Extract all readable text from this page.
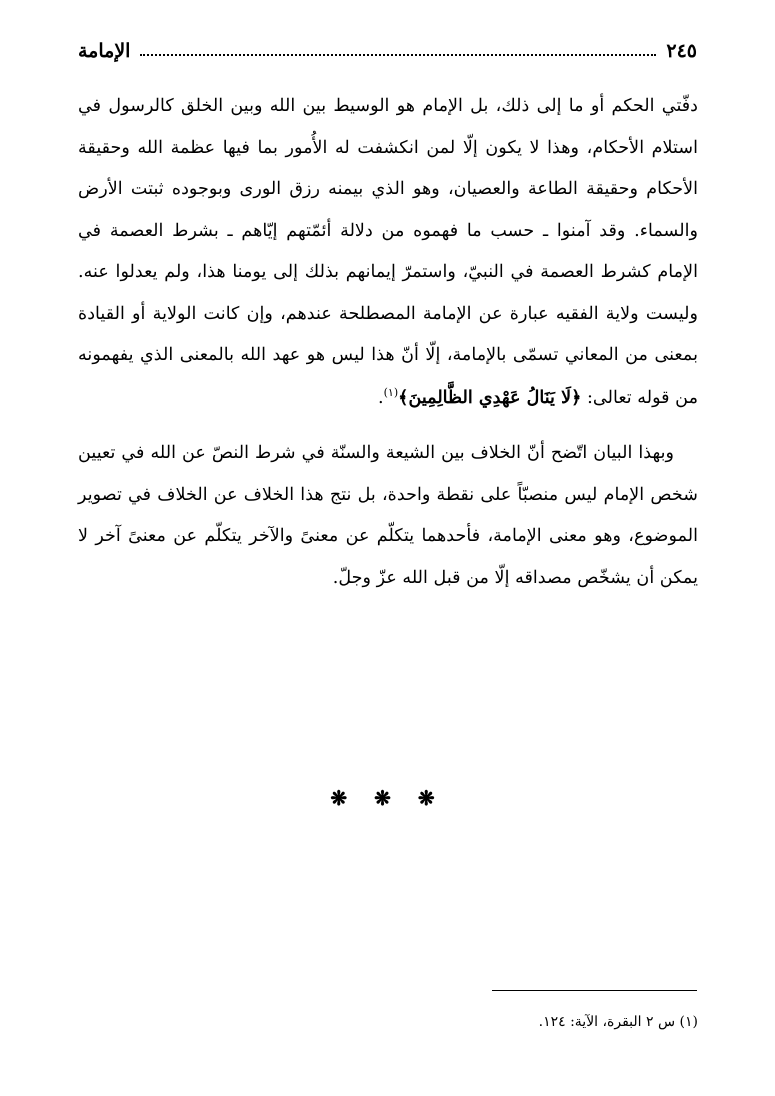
الإمامة	٢٤٥

دفّتي الحكم أو ما إلى ذلك، بل الإمام هو الوسيط بين الله وبين الخلق كالرسول في استلام الأحكام، وهذا لا يكون إلّا لمن انكشفت له الأُمور بما فيها عظمة الله وحقيقة الأحكام وحقيقة الطاعة والعصيان، وهو الذي بيمنه رزق الورى وبوجوده ثبتت الأرض والسماء. وقد آمنوا ـ حسب ما فهموه من دلالة أئمّتهم إيّاهم ـ بشرط العصمة في الإمام كشرط العصمة في النبيّ، واستمرّ إيمانهم بذلك إلى يومنا هذا، ولم يعدلوا عنه. وليست ولاية الفقيه عبارة عن الإمامة المصطلحة عندهم، وإن كانت الولاية أو القيادة بمعنى من المعاني تسمّى بالإمامة، إلّا أنّ هذا ليس هو عهد الله بالمعنى الذي يفهمونه من قوله تعالى: ﴿لَا يَنَالُ عَهْدِي الظَّالِمِينَ﴾$^{(١)}$.

وبهذا البيان اتّضح أنّ الخلاف بين الشيعة والسنّة في شرط النصّ عن الله في تعيين شخص الإمام ليس منصبّاً على نقطة واحدة، بل نتج هذا الخلاف عن الخلاف في تصوير الموضوع، وهو معنى الإمامة، فأحدهما يتكلّم عن معنىً والآخر يتكلّم عن معنىً آخر لا يمكن أن يشخّص مصداقه إلّا من قبل الله عزّ وجلّ.

❋ ❋ ❋
(١) س ٢ البقرة، الآية: ١٢٤.
